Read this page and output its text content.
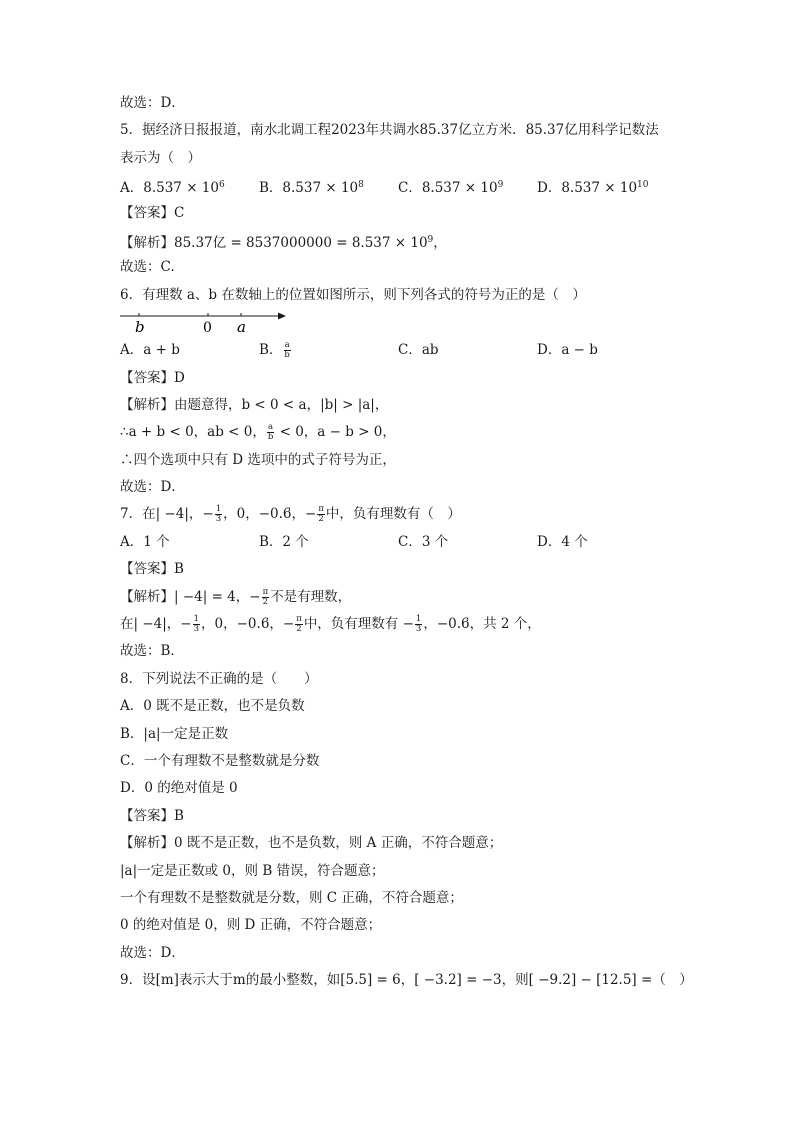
故选：D．
5．据经济日报报道，南水北调工程2023年共调水85.37亿立方米．85.37亿用科学记数法
表示为（　）
A．$8.537 \times 10^6$	B．$8.537 \times 10^8$	C．$8.537 \times 10^9$	D．$8.537 \times 10^{10}$
【答案】C
【解析】85.37亿 = $8537000000 = 8.537 \times 10^9$，
故选：C.
6．有理数 a、b 在数轴上的位置如图所示，则下列各式的符号为正的是（　）
b	0 a
A．a + b	B． $\frac{a}{b}$	C．ab	D．a − b
【答案】D
【解析】由题意得，b < 0 < a，|b| > |a|，
∴a + b < 0，ab < 0， $\frac{a}{b} < 0$，a − b > 0，
∴四个选项中只有 D 选项中的式子符号为正，
故选：D．
7．在| −4|，− $\frac{1}{3}$ ，0，−0.6 ·，− $\frac{\pi}{2}$ 中，负有理数有（　）
A．1 个	B．2 个	C．3 个	D．4 个
【答案】B
【解析】| −4| = 4，− $\frac{\pi}{2}$ 不是有理数，
在| −4|，− $\frac{1}{3}$ ，0，−0.6 ·，− $\frac{\pi}{2}$ 中，负有理数有 − $\frac{1}{3}$ ，−0.6 ·，共 2 个，
故选：B．
8．下列说法不正确的是（　　）
A．0 既不是正数，也不是负数
B．|a|一定是正数
C．一个有理数不是整数就是分数
D．0 的绝对值是 0
【答案】B
【解析】0 既不是正数，也不是负数，则 A 正确，不符合题意；
|a|一定是正数或 0，则 B 错误，符合题意；
一个有理数不是整数就是分数，则 C 正确，不符合题意；
0 的绝对值是 0，则 D 正确，不符合题意；
故选：D．
9．设[m]表示大于m的最小整数，如[5.5] = 6，[ −3.2] = −3，则[ −9.2] − [12.5] =（　）
